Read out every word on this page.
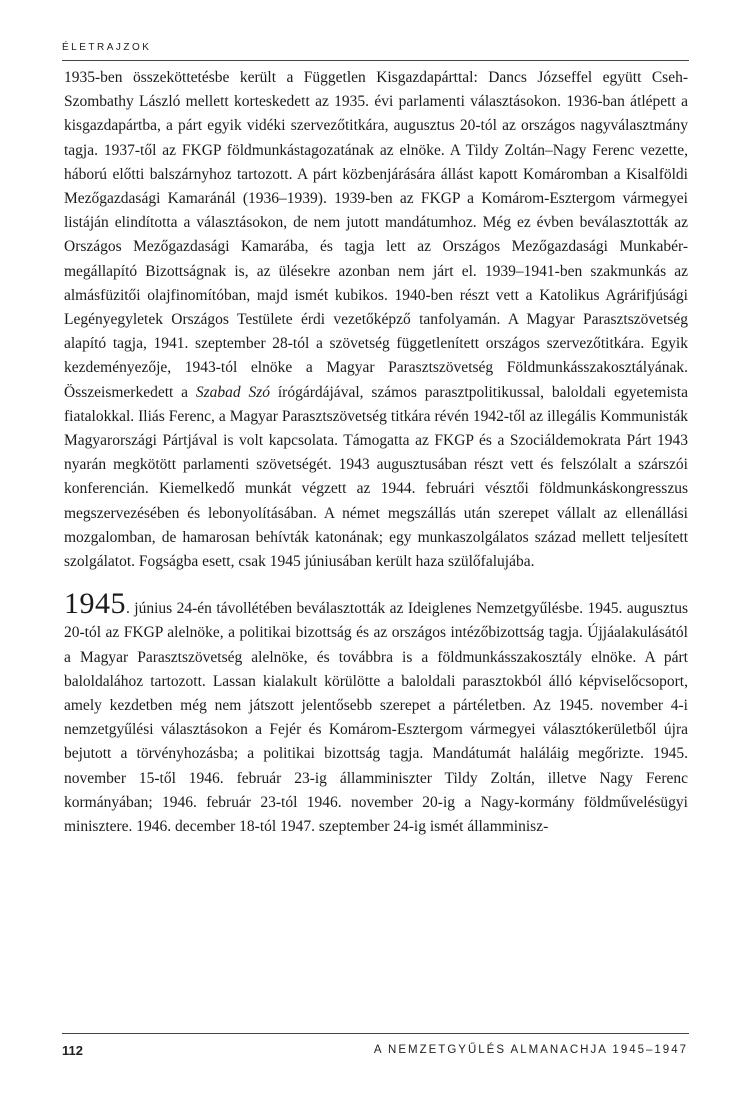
ÉLETRAJZOK

1935-ben összeköttetésbe került a Független Kisgazdapárttal: Dancs Józseffel együtt Cseh-Szombathy László mellett korteskedett az 1935. évi parlamenti választásokon. 1936-ban átlépett a kisgazdapártba, a párt egyik vidéki szervezőtitkára, augusztus 20-tól az országos nagyválasztmány tagja. 1937-től az FKGP földmunkástagozatának az elnöke. A Tildy Zoltán–Nagy Ferenc vezette, háború előtti balszárnyhoz tartozott. A párt közbenjárására állást kapott Komáromban a Kisalföldi Mezőgazdasági Kamaránál (1936–1939). 1939-ben az FKGP a Komárom-Esztergom vármegyei listáján elindította a választásokon, de nem jutott mandátumhoz. Még ez évben beválasztották az Országos Mezőgazdasági Kamarába, és tagja lett az Országos Mezőgazdasági Munkabér-megállapító Bizottságnak is, az ülésekre azonban nem járt el. 1939–1941-ben szakmunkás az almásfüzitői olajfinomítóban, majd ismét kubikos. 1940-ben részt vett a Katolikus Agrárifjúsági Legényegyletek Országos Testülete érdi vezetőképző tanfolyamán. A Magyar Parasztszövetség alapító tagja, 1941. szeptember 28-tól a szövetség függetlenített országos szervezőtitkára. Egyik kezdeményezője, 1943-tól elnöke a Magyar Parasztszövetség Földmunkásszakosztályának. Összeismerkedett a Szabad Szó írógárdájával, számos parasztpolitikussal, baloldali egyetemista fiatalokkal. Iliás Ferenc, a Magyar Parasztszövetség titkára révén 1942-től az illegális Kommunisták Magyarországi Pártjával is volt kapcsolata. Támogatta az FKGP és a Szociáldemokrata Párt 1943 nyarán megkötött parlamenti szövetségét. 1943 augusztusában részt vett és felszólalt a szárszói konferencián. Kiemelkedő munkát végzett az 1944. februári vésztői földmunkáskongresszus megszervezésében és lebonyolításában. A német megszállás után szerepet vállalt az ellenállási mozgalomban, de hamarosan behívták katonának; egy munkaszolgálatos század mellett teljesített szolgálatot. Fogságba esett, csak 1945 júniusában került haza szülőfalujába.

1945. június 24-én távollétében beválasztották az Ideiglenes Nemzetgyűlésbe. 1945. augusztus 20-tól az FKGP alelnöke, a politikai bizottság és az országos intézőbizottság tagja. Újjáalakulásától a Magyar Parasztszövetség alelnöke, és továbbra is a földmunkásszakosztály elnöke. A párt baloldalához tartozott. Lassan kialakult körülötte a baloldali parasztokból álló képviselőcsoport, amely kezdetben még nem játszott jelentősebb szerepet a pártéletben. Az 1945. november 4-i nemzetgyűlési választásokon a Fejér és Komárom-Esztergom vármegyei választókerületből újra bejutott a törvényhozásba; a politikai bizottság tagja. Mandátumát haláláig megőrizte. 1945. november 15-től 1946. február 23-ig államminiszter Tildy Zoltán, illetve Nagy Ferenc kormányában; 1946. február 23-tól 1946. november 20-ig a Nagy-kormány földművelésügyi minisztere. 1946. december 18-tól 1947. szeptember 24-ig ismét államminisz-

112	A NEMZETGYŰLÉS ALMANACHJA 1945–1947
